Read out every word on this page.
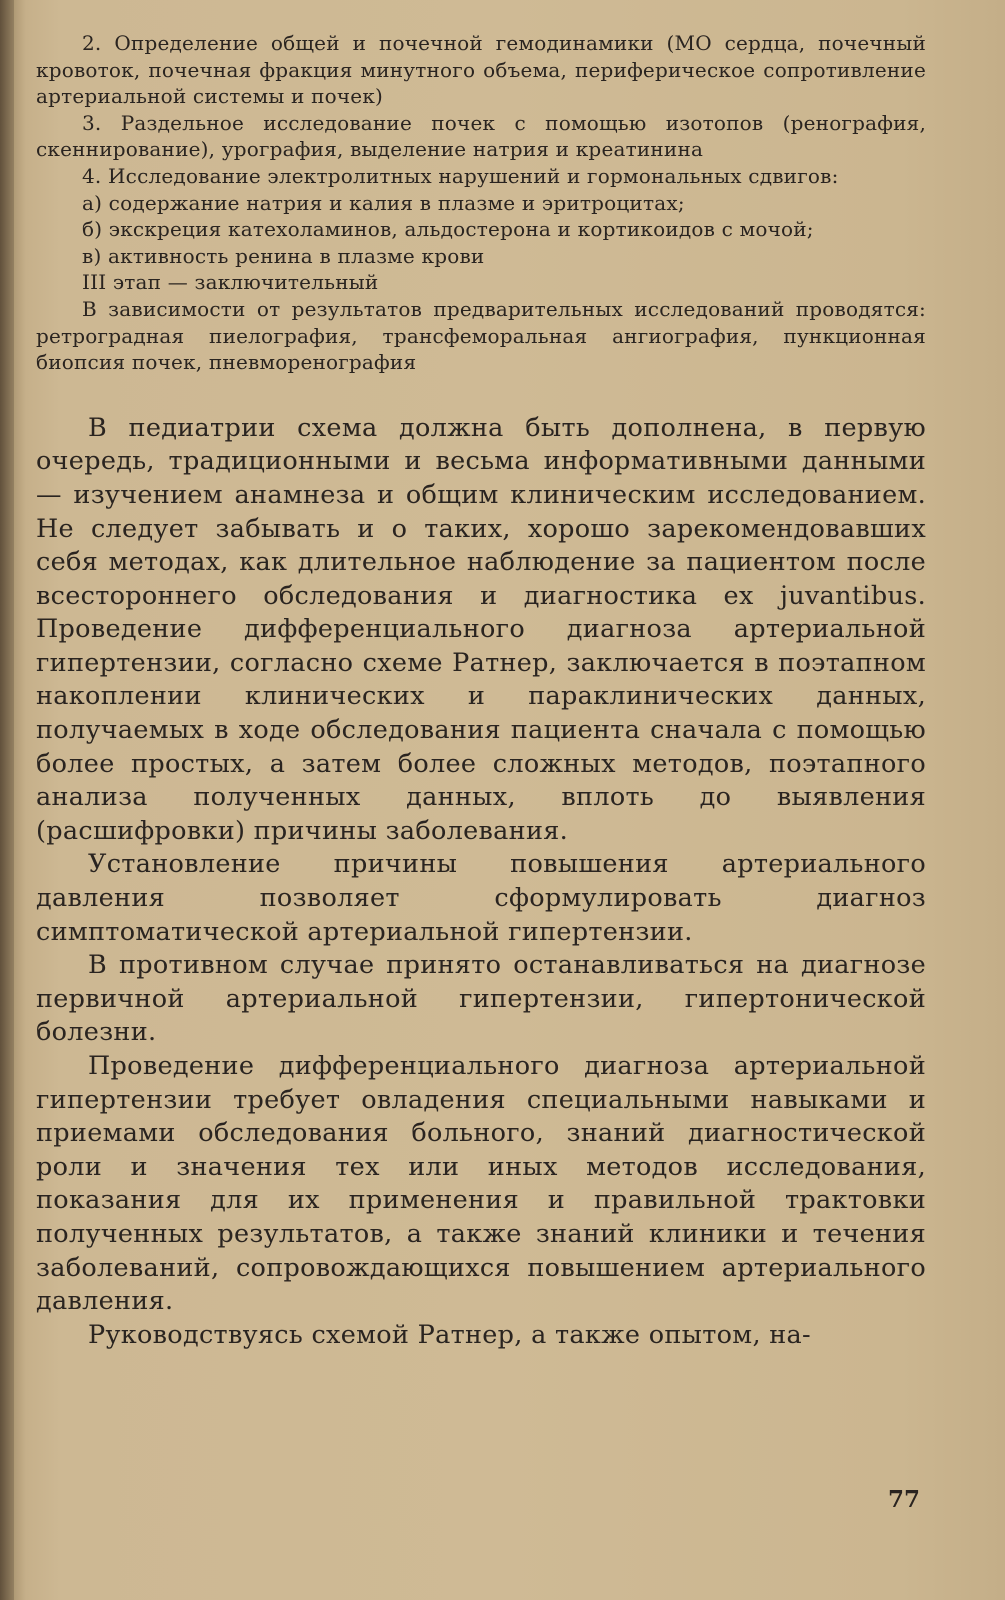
2. Определение общей и почечной гемодинамики (МО сердца, почечный кровоток, почечная фракция минутного объема, периферическое сопротивление артериальной системы и почек)

3. Раздельное исследование почек с помощью изотопов (ренография, скеннирование), урография, выделение натрия и креатинина

4. Исследование электролитных нарушений и гормональных сдвигов:

а) содержание натрия и калия в плазме и эритроцитах;

б) экскреция катехоламинов, альдостерона и кортикоидов с мочой;

в) активность ренина в плазме крови

III этап — заключительный

В зависимости от результатов предварительных исследований проводятся: ретроградная пиелография, трансфеморальная ангиография, пункционная биопсия почек, пневморенография

В педиатрии схема должна быть дополнена, в первую очередь, традиционными и весьма информативными данными — изучением анамнеза и общим клиническим исследованием. Не следует забывать и о таких, хорошо зарекомендовавших себя методах, как длительное наблюдение за пациентом после всестороннего обследования и диагностика ex juvantibus. Проведение дифференциального диагноза артериальной гипертензии, согласно схеме Ратнер, заключается в поэтапном накоплении клинических и параклинических данных, получаемых в ходе обследования пациента сначала с помощью более простых, а затем более сложных методов, поэтапного анализа полученных данных, вплоть до выявления (расшифровки) причины заболевания.

Установление причины повышения артериального давления позволяет сформулировать диагноз симптоматической артериальной гипертензии.

В противном случае принято останавливаться на диагнозе первичной артериальной гипертензии, гипертонической болезни.

Проведение дифференциального диагноза артериальной гипертензии требует овладения специальными навыками и приемами обследования больного, знаний диагностической роли и значения тех или иных методов исследования, показания для их применения и правильной трактовки полученных результатов, а также знаний клиники и течения заболеваний, сопровождающихся повышением артериального давления.

Руководствуясь схемой Ратнер, а также опытом, на-

77
